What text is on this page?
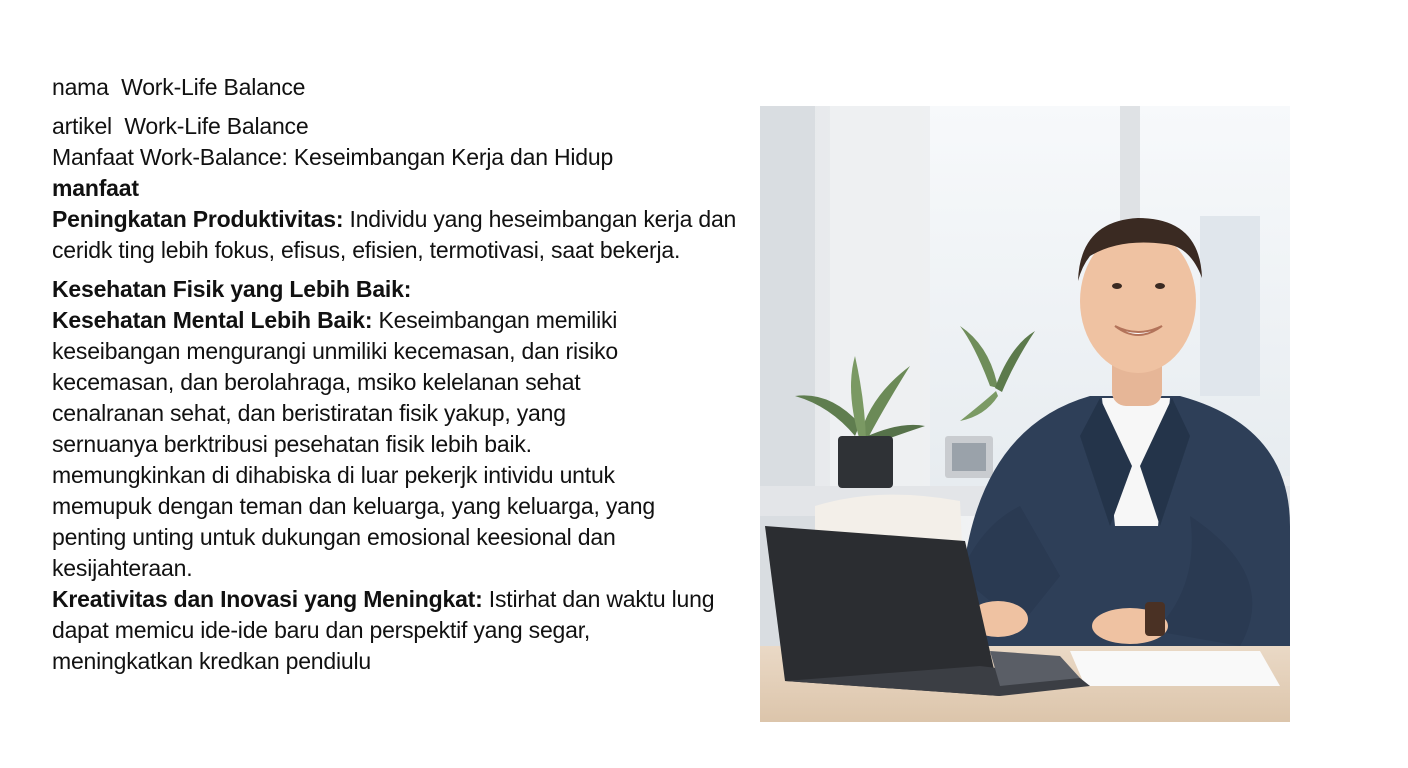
nama Work-Life Balance
artikel Work-Life Balance
Manfaat Work-Balance: Keseimbangan Kerja dan Hidup
manfaat
Peningkatan Produktivitas: Individu yang heseimbangan kerja dan
ceridk ting lebih fokus, efisus, efisien, termotivasi, saat bekerja.
Kesehatan Fisik yang Lebih Baik:
Kesehatan Mental Lebih Baik: Keseimbangan memiliki
keseibangan mengurangi unmiliki kecemasan, dan risiko
kecemasan, dan berolahraga, msiko kelelanan sehat
cenalranan sehat, dan beristiratan fisik yakup, yang
sernuanya berktribusi pesehatan fisik lebih baik.
memungkinkan di dihabiska di luar pekerjk intividu untuk
memupuk dengan teman dan keluarga, yang keluarga, yang
penting unting untuk dukungan emosional keesional dan
kesijahteraan.
Kreativitas dan Inovasi yang Meningkat: Istirhat dan waktu lung
dapat memicu ide-ide baru dan perspektif yang segar,
meningkatkan kredkan pendiulu
